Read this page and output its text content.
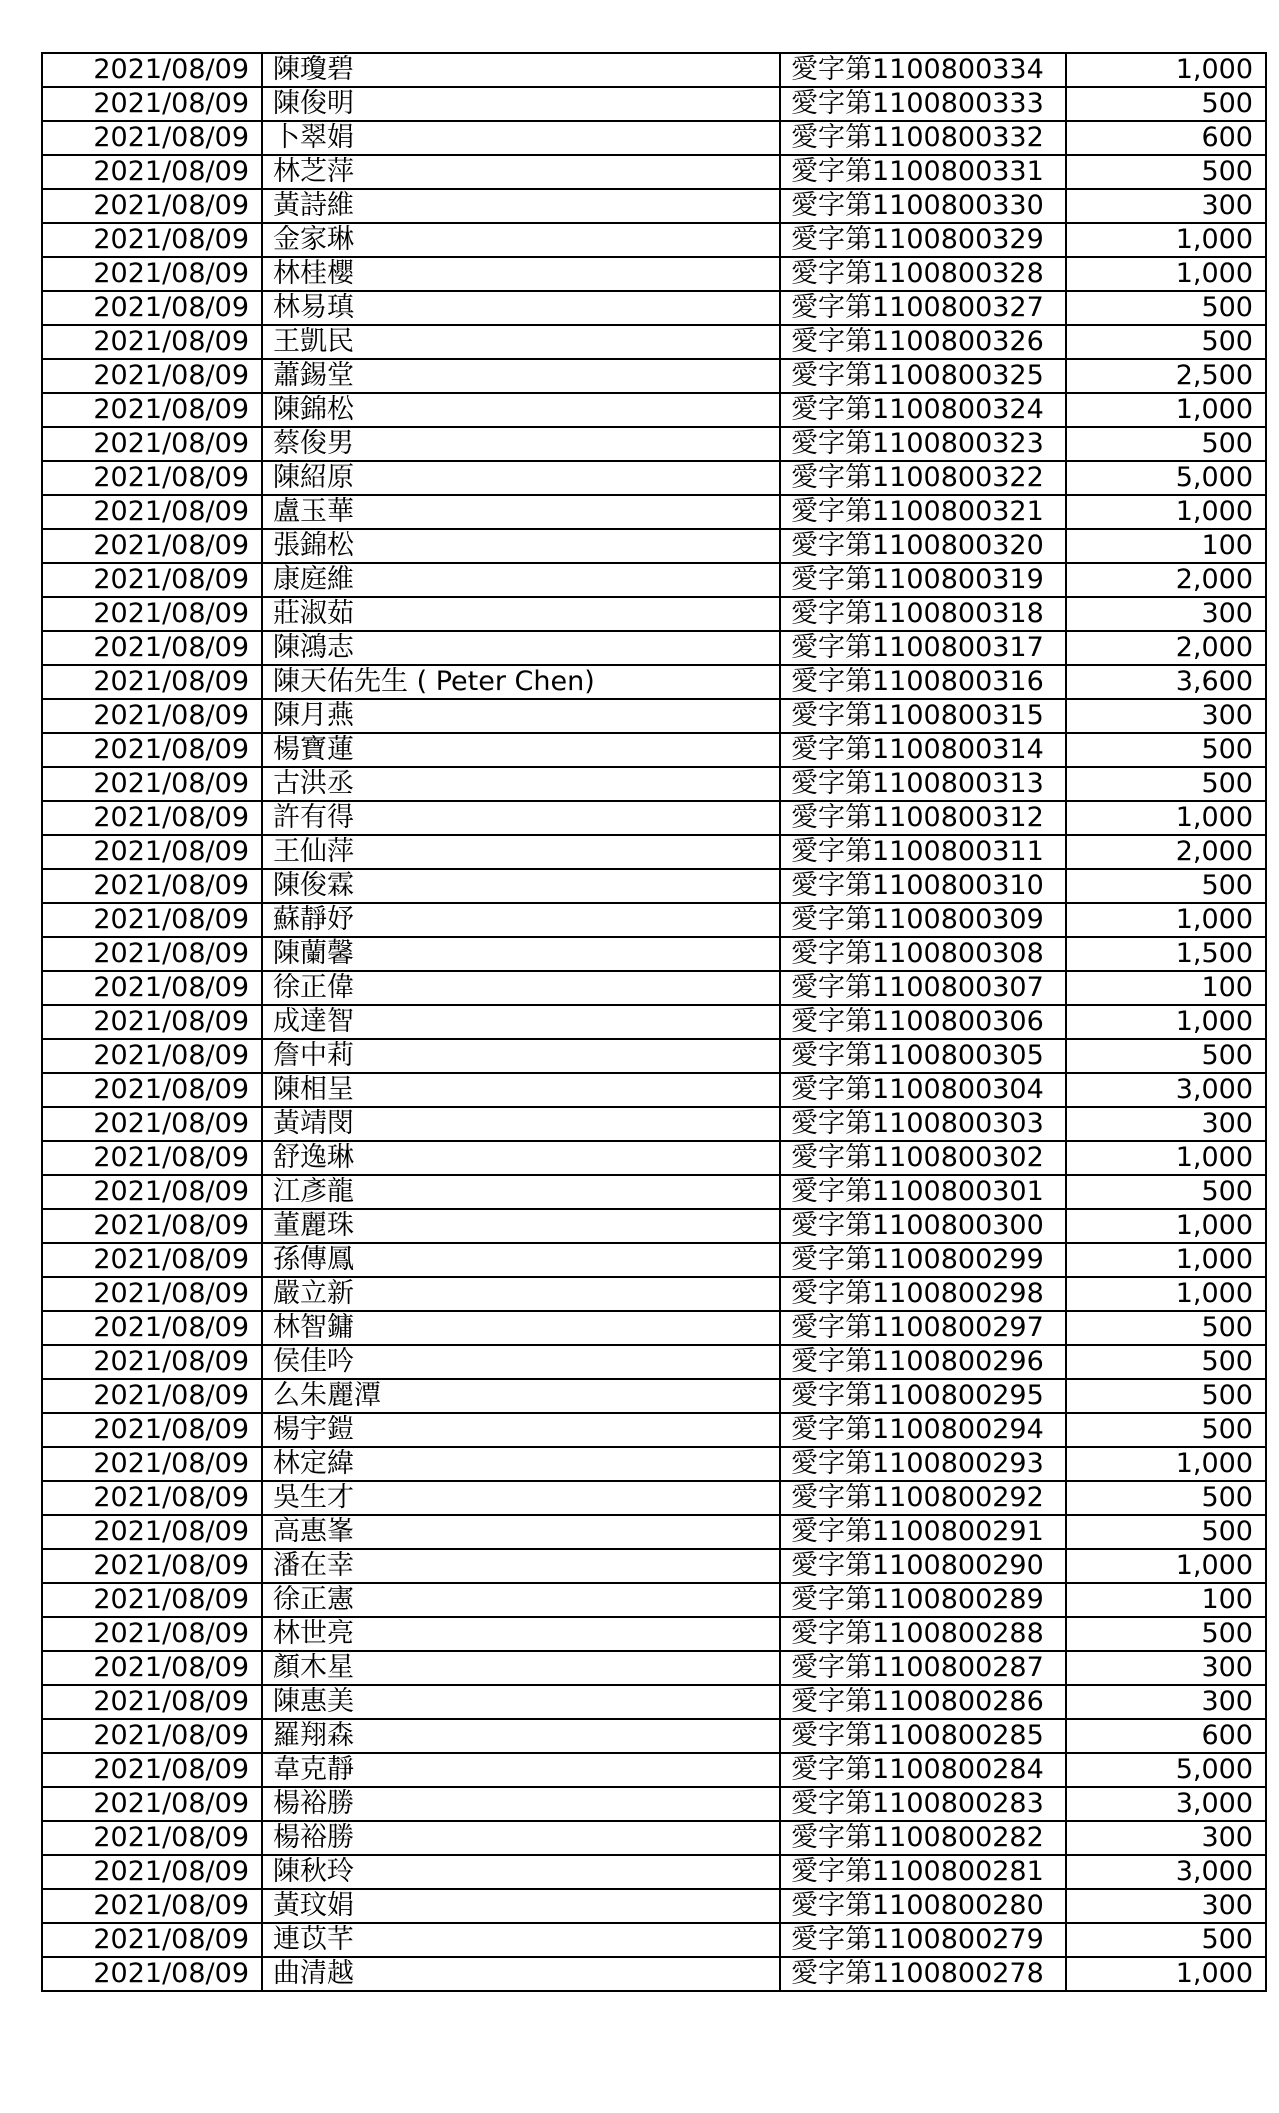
2021/08/09	陳瓊碧	愛字第1100800334	1,000
2021/08/09	陳俊明	愛字第1100800333	500
2021/08/09	卜翠娟	愛字第1100800332	600
2021/08/09	林芝萍	愛字第1100800331	500
2021/08/09	黃詩維	愛字第1100800330	300
2021/08/09	金家琳	愛字第1100800329	1,000
2021/08/09	林桂櫻	愛字第1100800328	1,000
2021/08/09	林易瑱	愛字第1100800327	500
2021/08/09	王凱民	愛字第1100800326	500
2021/08/09	蕭錫堂	愛字第1100800325	2,500
2021/08/09	陳錦松	愛字第1100800324	1,000
2021/08/09	蔡俊男	愛字第1100800323	500
2021/08/09	陳紹原	愛字第1100800322	5,000
2021/08/09	盧玉華	愛字第1100800321	1,000
2021/08/09	張錦松	愛字第1100800320	100
2021/08/09	康庭維	愛字第1100800319	2,000
2021/08/09	莊淑茹	愛字第1100800318	300
2021/08/09	陳鴻志	愛字第1100800317	2,000
2021/08/09	陳天佑先生 ( Peter Chen)	愛字第1100800316	3,600
2021/08/09	陳月燕	愛字第1100800315	300
2021/08/09	楊寶蓮	愛字第1100800314	500
2021/08/09	古洪丞	愛字第1100800313	500
2021/08/09	許有得	愛字第1100800312	1,000
2021/08/09	王仙萍	愛字第1100800311	2,000
2021/08/09	陳俊霖	愛字第1100800310	500
2021/08/09	蘇靜妤	愛字第1100800309	1,000
2021/08/09	陳蘭馨	愛字第1100800308	1,500
2021/08/09	徐正偉	愛字第1100800307	100
2021/08/09	成達智	愛字第1100800306	1,000
2021/08/09	詹中莉	愛字第1100800305	500
2021/08/09	陳相呈	愛字第1100800304	3,000
2021/08/09	黃靖閔	愛字第1100800303	300
2021/08/09	舒逸琳	愛字第1100800302	1,000
2021/08/09	江彥龍	愛字第1100800301	500
2021/08/09	董麗珠	愛字第1100800300	1,000
2021/08/09	孫傳鳳	愛字第1100800299	1,000
2021/08/09	嚴立新	愛字第1100800298	1,000
2021/08/09	林智鏞	愛字第1100800297	500
2021/08/09	侯佳吟	愛字第1100800296	500
2021/08/09	么朱麗潭	愛字第1100800295	500
2021/08/09	楊宇鎧	愛字第1100800294	500
2021/08/09	林定緯	愛字第1100800293	1,000
2021/08/09	吳生才	愛字第1100800292	500
2021/08/09	高惠峯	愛字第1100800291	500
2021/08/09	潘在幸	愛字第1100800290	1,000
2021/08/09	徐正憲	愛字第1100800289	100
2021/08/09	林世亮	愛字第1100800288	500
2021/08/09	顏木星	愛字第1100800287	300
2021/08/09	陳惠美	愛字第1100800286	300
2021/08/09	羅翔森	愛字第1100800285	600
2021/08/09	韋克靜	愛字第1100800284	5,000
2021/08/09	楊裕勝	愛字第1100800283	3,000
2021/08/09	楊裕勝	愛字第1100800282	300
2021/08/09	陳秋玲	愛字第1100800281	3,000
2021/08/09	黃玟娟	愛字第1100800280	300
2021/08/09	連苡芊	愛字第1100800279	500
2021/08/09	曲清越	愛字第1100800278	1,000
